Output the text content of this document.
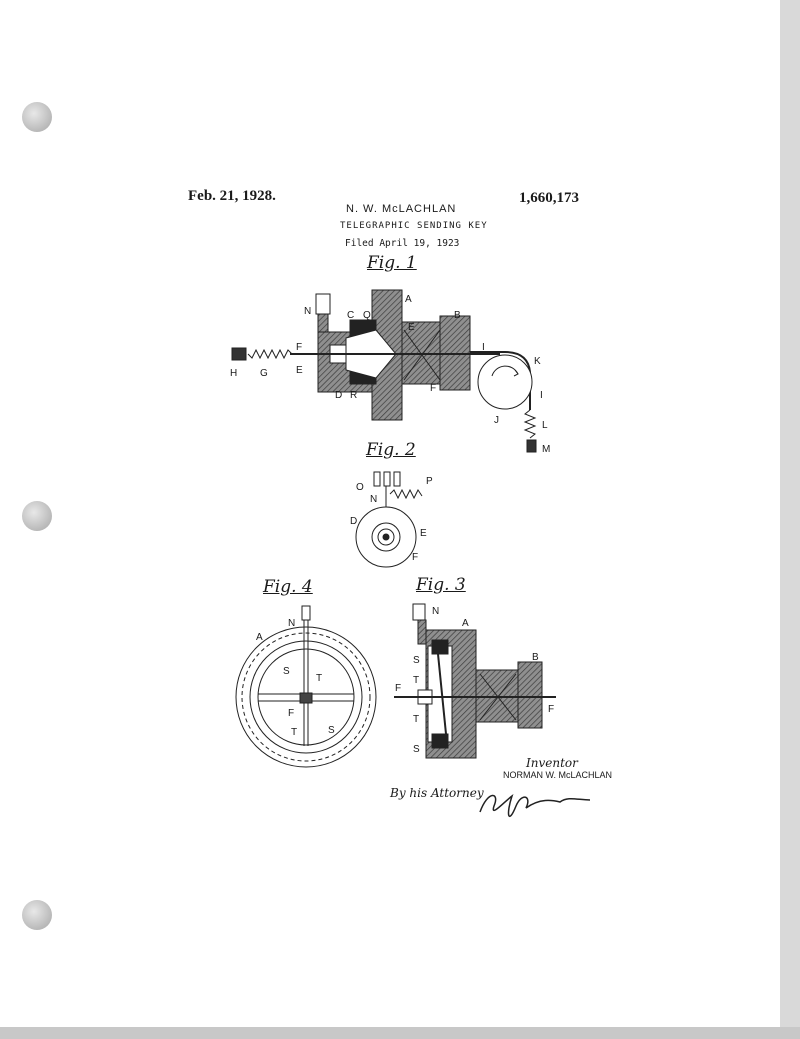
Feb. 21, 1928.	1,660,173
N. W. McLACHLAN
TELEGRAPHIC SENDING KEY
Filed April 19, 1923
Fig. 1
Fig. 2
Fig. 4	Fig. 3
N	C Q
A
B
E
F
E
H G
D R
F
I
K
I
J	L
M
O
N
P
D
E
F
N
A
S
T
F
T	S
N
A
B
S
T
F
T
S
F
Fred J. Adams
Inventor
NORMAN W. McLACHLAN
By his Attorney
